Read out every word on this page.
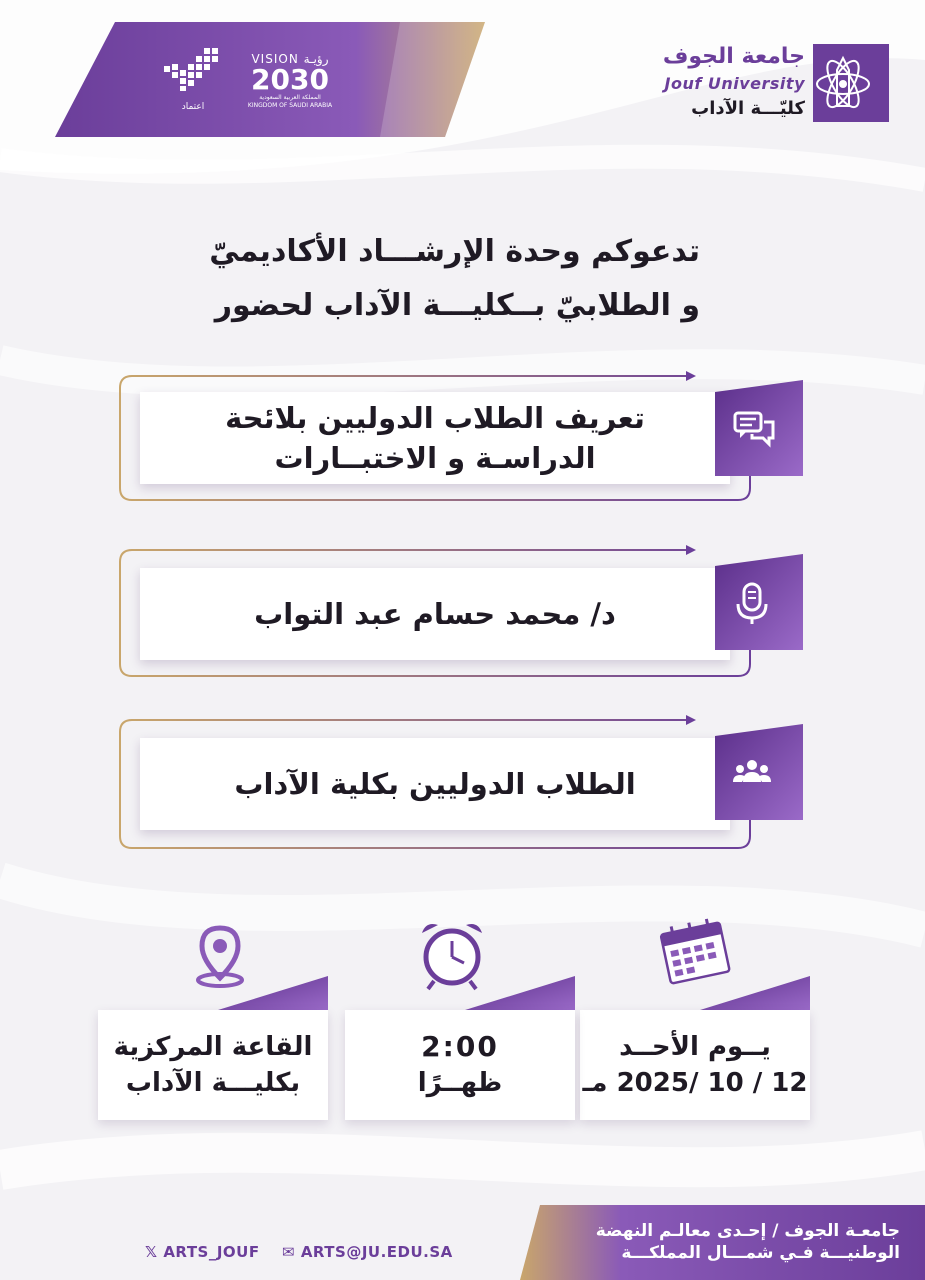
VISION رؤيـة
2030
المملكة العربية السعودية
KINGDOM OF SAUDI ARABIA
اعتماد
جامعة الجوف
Jouf University
كليّـــة الآداب
تدعوكم وحدة الإرشـــاد الأكاديميّ
و الطلابيّ بــكليـــة الآداب لحضور
تعريف الطلاب الدوليين بلائحة
الدراسـة و الاختبــارات
د/ محمد حسام عبد التواب
الطلاب الدوليين بكلية الآداب
يــوم الأحــد
12 / 10 /2025 مـ
2:00
ظهــرًا
القاعة المركزية
بكليـــة الآداب
جامعـة الجوف / إحـدى معالـم النهضة
الوطنيـــة فـي شمـــال المملكـــة
𝕏 ARTS_JOUF ✉ ARTS@JU.EDU.SA
